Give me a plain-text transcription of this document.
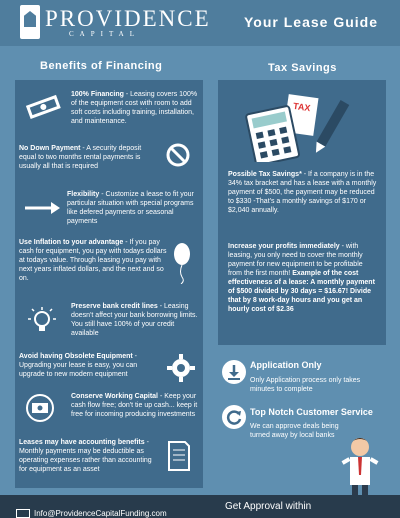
PROVIDENCE
CAPITAL
Your Lease Guide
Benefits of Financing	Tax Savings
100% Financing - Leasing covers 100% of the equipment cost with room to add soft costs including training, installation, and maintenance.
No Down Payment - A security deposit equal to two months rental payments is usually all that is required
Flexibility - Customize a lease to fit your particular situation with special programs like defered payments or seasonal payments
Use Inflation to your advantage - If you pay cash for equipment, you pay with todays dollars at todays value. Through leasing you pay with next years inflated dollars, and the next and so on.
Preserve bank credit lines - Leasing doesn't affect your bank borrowing limits. You still have 100% of your credit available
Avoid having Obsolete Equipment - Upgrading your lease is easy, you can upgrade to new modern equipment
Conserve Working Capital - Keep your cash flow free; don't tie up cash... keep it free for incoming producing investments
Leases may have accounting benefits - Monthly payments may be deductible as operating expenses rather than accounting for equipment as an asset
TAX
Possible Tax Savings* - If a company is in the 34% tax bracket and has a lease with a monthly payment of $500, the payment may be reduced to $330 -That's a monthly savings of $170 or $2,040 annually.
Increase your profits immediately - with leasing, you only need to cover the monthly payment for new equipment to be profitable from the first month! Example of the cost effectiveness of a lease: A monthly payment of $500 divided by 30 days = $16.67! Divide that by 8 work-day hours and you get an hourly cost of $2.36
Application Only
Only Application process only takes minutes to complete
Top Notch Customer Service
We can approve deals being turned away by local banks
Info@ProvidenceCapitalFunding.com
Get Approval within
